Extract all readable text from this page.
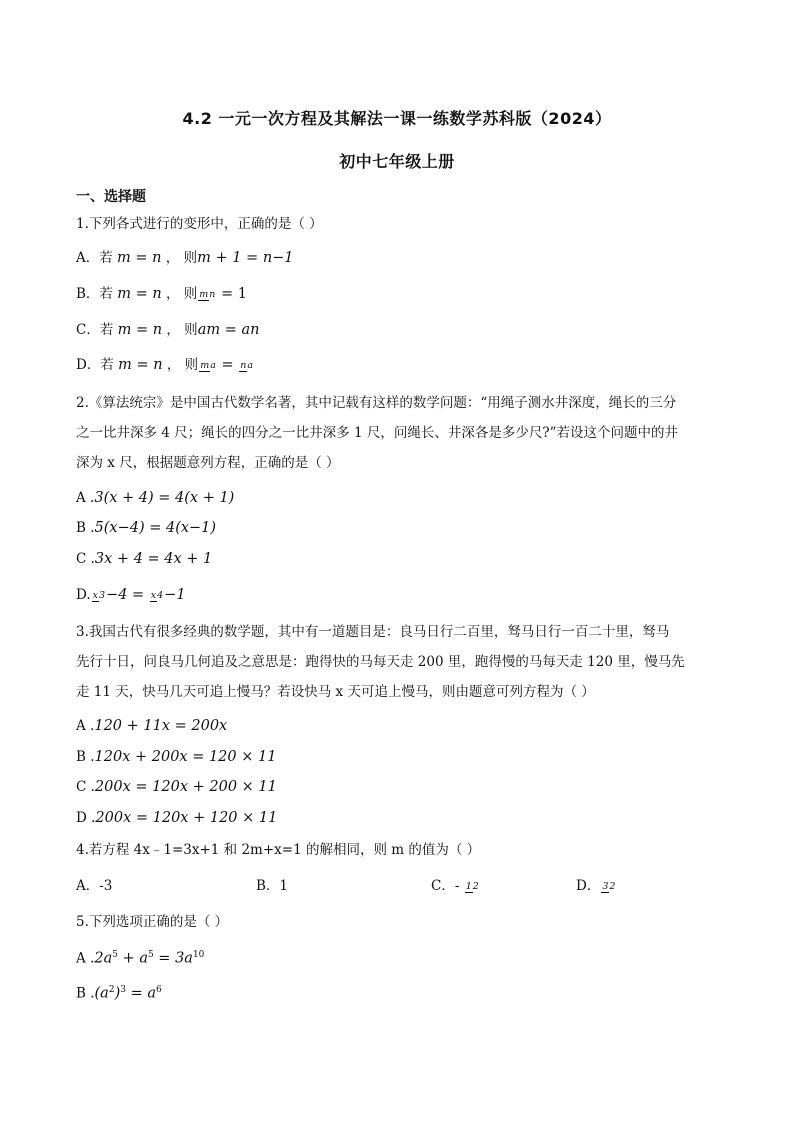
4.2 一元一次方程及其解法一课一练数学苏科版（2024）
初中七年级上册
一、选择题
1.下列各式进行的变形中，正确的是（ ）
A．若 m = n ， 则m + 1 = n−1
B．若 m = n ， 则 mn = 1
C．若 m = n ， 则am = an
D．若 m = n ， 则 ma = na
2.《算法统宗》是中国古代数学名著，其中记载有这样的数学问题：“用绳子测水井深度，绳长的三分
之一比井深多 4 尺；绳长的四分之一比井深多 1 尺，问绳长、井深各是多少尺?”若设这个问题中的井
深为 x 尺，根据题意列方程，正确的是（ ）
A .3(x + 4) = 4(x + 1)
B .5(x−4) = 4(x−1)
C .3x + 4 = 4x + 1
D. x3−4 = x4−1
3.我国古代有很多经典的数学题，其中有一道题目是：良马日行二百里，驽马日行一百二十里，驽马
先行十日，问良马几何追及之意思是：跑得快的马每天走 200 里，跑得慢的马每天走 120 里，慢马先
走 11 天，快马几天可追上慢马？若设快马 x 天可追上慢马，则由题意可列方程为（ ）
A .120 + 11x = 200x
B .120x + 200x = 120 × 11
C .200x = 120x + 200 × 11
D .200x = 120x + 120 × 11
4.若方程 4x﹣1=3x+1 和 2m+x=1 的解相同，则 m 的值为（ ）
A．-3	B．1	C．- 12	D． 32
5.下列选项正确的是（ ）
A $.2a^5 + a^5 = 3a^{10}$
B $.(a^2)^3 = a^6$
